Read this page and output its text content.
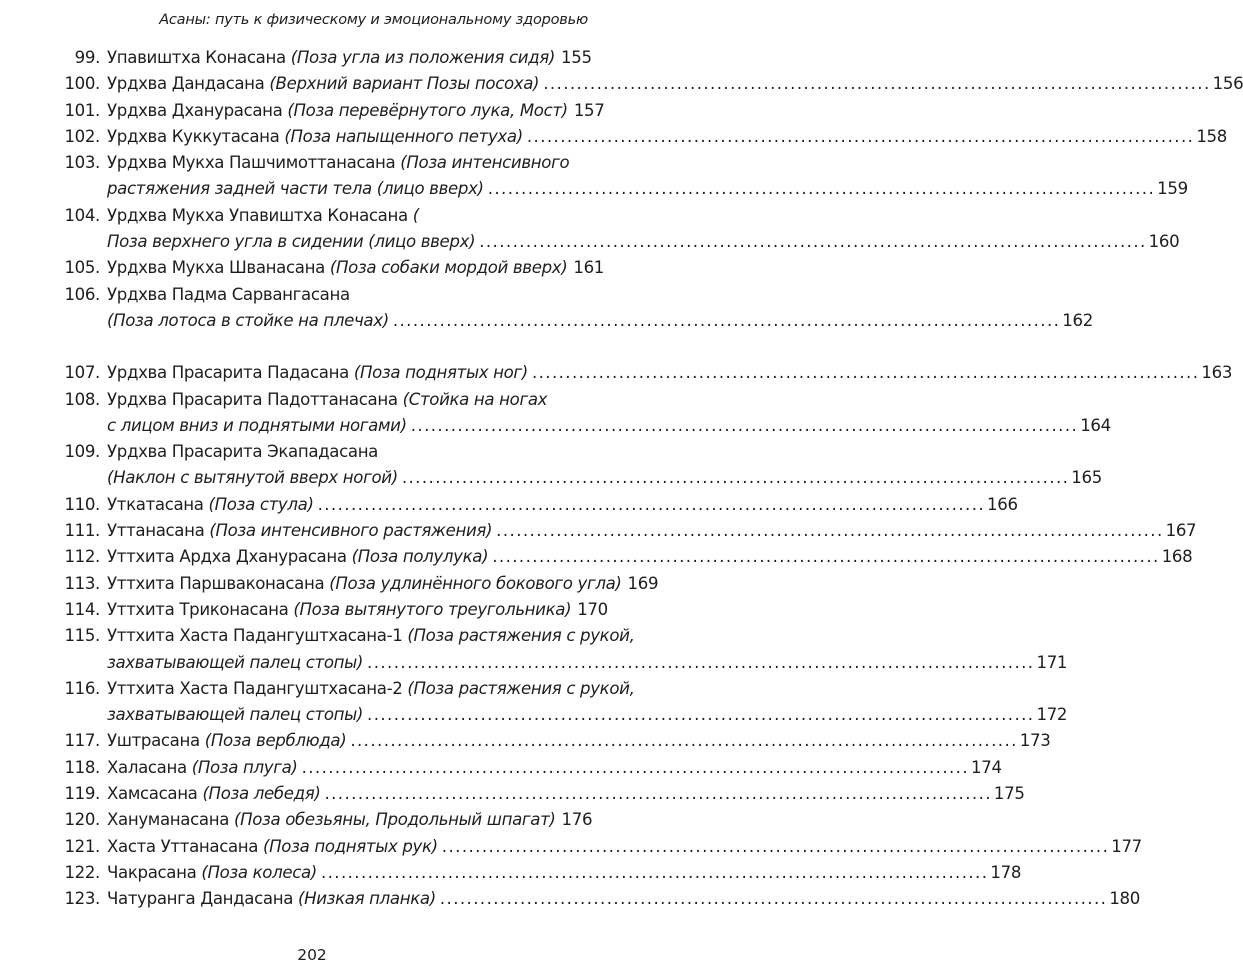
Асаны: путь к физическому и эмоциональному здоровью
99. Упавиштха Конасана (Поза угла из положения сидя) 155
100. Урдхва Дандасана (Верхний вариант Позы посоха) .....	156
101. Урдхва Дханурасана (Поза перевёрнутого лука, Мост) 157
102. Урдхва Куккутасана (Поза напыщенного петуха) .....	158
103. Урдхва Мукха Пашчимоттанасана (Поза интенсивного
растяжения задней части тела (лицо вверх) .....	159
104. Урдхва Мукха Упавиштха Конасана (
Поза верхнего угла в сидении (лицо вверх) .....	160
105. Урдхва Мукха Шванасана (Поза собаки мордой вверх) 161
106. Урдхва Падма Сарвангасана
(Поза лотоса в стойке на плечах) .....	162
107. Урдхва Прасарита Падасана (Поза поднятых ног) .....	163
108. Урдхва Прасарита Падоттанасана (Стойка на ногах
с лицом вниз и поднятыми ногами) .....	164
109. Урдхва Прасарита Экападасана
(Наклон с вытянутой вверх ногой) .....	165
110. Уткатасана (Поза стула) .....	166
111. Уттанасана (Поза интенсивного растяжения) .....	167
112. Уттхита Ардха Дханурасана (Поза полулука) .....	168
113. Уттхита Паршваконасана (Поза удлинённого бокового угла) 169
114. Уттхита Триконасана (Поза вытянутого треугольника) 170
115. Уттхита Хаста Падангуштхасана-1 (Поза растяжения с рукой,
захватывающей палец стопы) .....	171
116. Уттхита Хаста Падангуштхасана-2 (Поза растяжения с рукой,
захватывающей палец стопы) .....	172
117. Уштрасана (Поза верблюда) .....	173
118. Халасана (Поза плуга) .....	174
119. Хамсасана (Поза лебедя) .....	175
120. Хануманасана (Поза обезьяны, Продольный шпагат) 176
121. Хаста Уттанасана (Поза поднятых рук) .....	177
122. Чакрасана (Поза колеса) .....	178
123. Чатуранга Дандасана (Низкая планка) .....	180
202
